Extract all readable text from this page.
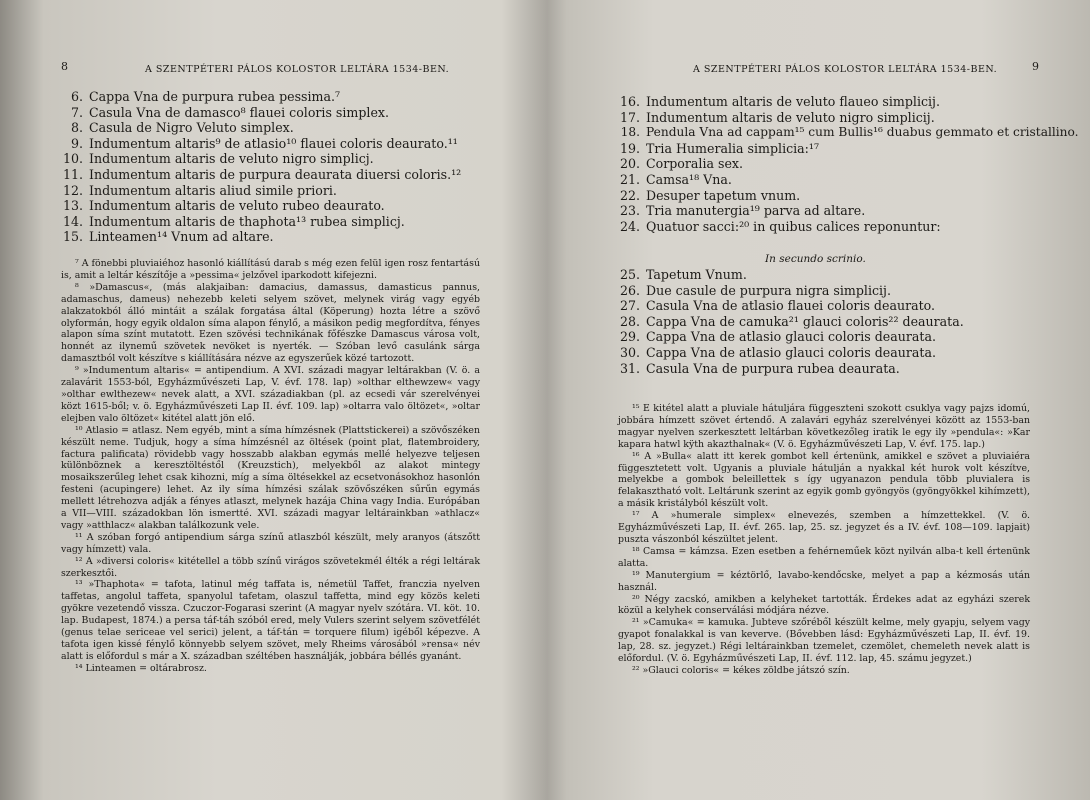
8	A SZENTPÉTERI PÁLOS KOLOSTOR LELTÁRA 1534-BEN.
6. Cappa Vna de purpura rubea pessima.⁷
7. Casula Vna de damasco⁸ flauei coloris simplex.
8. Casula de Nigro Veluto simplex.
9. Indumentum altaris⁹ de atlasio¹⁰ flauei coloris deaurato.¹¹
10. Indumentum altaris de veluto nigro simplicj.
11. Indumentum altaris de purpura deaurata diuersi coloris.¹²
12. Indumentum altaris aliud simile priori.
13. Indumentum altaris de veluto rubeo deaurato.
14. Indumentum altaris de thaphota¹³ rubea simplicj.
15. Linteamen¹⁴ Vnum ad altare.

⁷ A fönebbi pluviaiéhoz hasonló kiállítású darab s még ezen felül igen rosz fentartású is, amit a leltár készítője a »pessima« jelzővel iparkodott kifejezni.

⁸ »Damascus«, (más alakjaiban: damacius, damassus, damasticus pannus, adamaschus, dameus) nehezebb keleti selyem szövet, melynek virág vagy egyéb alakzatokból álló mintáit a szálak forgatása által (Köperung) hozta létre a szövő olyformán, hogy egyik oldalon síma alapon fénylő, a másikon pedig megfordítva, fényes alapon síma színt mutatott. Ezen szövési technikának főfészke Damascus városa volt, honnét az ilynemű szövetek nevöket is nyerték. — Szóban levő casulánk sárga damasztból volt készítve s kiállítására nézve az egyszerűek közé tartozott.

⁹ »Indumentum altaris« = antipendium. A XVI. századi magyar leltárakban (V. ö. a zalavárit 1553-ból, Egyházművészeti Lap, V. évf. 178. lap) »olthar elthewzew« vagy »olthar ewlthezew« nevek alatt, a XVI. századiakban (pl. az ecsedi vár szerelvényei közt 1615-ből; v. ö. Egyházművészeti Lap II. évf. 109. lap) »oltarra valo öltözet«, »oltar elejben valo öltözet« kitétel alatt jön elő.

¹⁰ Atlasio = atlasz. Nem egyéb, mint a síma hímzésnek (Plattstickerei) a szövőszéken készült neme. Tudjuk, hogy a síma hímzésnél az öltések (point plat, flatembroidery, factura palificata) rövidebb vagy hosszabb alakban egymás mellé helyezve teljesen különböznek a keresztöltéstől (Kreuzstich), melyekből az alakot mintegy mosaikszerűleg lehet csak kihozni, míg a síma öltésekkel az ecsetvonásokhoz hasonlón festeni (acupingere) lehet. Az ily síma hímzési szálak szövőszéken sűrűn egymás mellett létrehozva adják a fényes atlaszt, melynek hazája China vagy India. Európában a VII—VIII. századokban lön ismertté. XVI. századi magyar leltárainkban »athlacz« vagy »atthlacz« alakban találkozunk vele.

¹¹ A szóban forgó antipendium sárga színű atlaszból készült, mely aranyos (átszőtt vagy hímzett) vala.

¹² A »diversi coloris« kitétellel a több színű virágos szövetekmél élték a régi leltárak szerkesztői.

¹³ »Thaphota« = tafota, latinul még taffata is, németül Taffet, franczia nyelven taffetas, angolul taffeta, spanyolul tafetam, olaszul taffetta, mind egy közös keleti gyökre vezetendő vissza. Czuczor-Fogarasi szerint (A magyar nyelv szótára. VI. köt. 10. lap. Budapest, 1874.) a persa táf-táh szóból ered, mely Vulers szerint selyem szövetfélét (genus telae sericeae vel serici) jelent, a táf-tán = torquere filum) igéből képezve. A tafota igen kissé fénylő könnyebb selyem szövet, mely Rheims városából »rensa« név alatt is előfordul s már a X. században széltében használják, jobbára béllés gyanánt.

¹⁴ Linteamen = oltárabrosz.

A SZENTPÉTERI PÁLOS KOLOSTOR LELTÁRA 1534-BEN.	9
16. Indumentum altaris de veluto flaueo simplicij.
17. Indumentum altaris de veluto nigro simplicij.
18. Pendula Vna ad cappam¹⁵ cum Bullis¹⁶ duabus gemmato et cristallino.
19. Tria Humeralia simplicia:¹⁷
20. Corporalia sex.
21. Camsa¹⁸ Vna.
22. Desuper tapetum vnum.
23. Tria manutergia¹⁹ parva ad altare.
24. Quatuor sacci:²⁰ in quibus calices reponuntur:
In secundo scrinio.
25. Tapetum Vnum.
26. Due casule de purpura nigra simplicij.
27. Casula Vna de atlasio flauei coloris deaurato.
28. Cappa Vna de camuka²¹ glauci coloris²² deaurata.
29. Cappa Vna de atlasio glauci coloris deaurata.
30. Cappa Vna de atlasio glauci coloris deaurata.
31. Casula Vna de purpura rubea deaurata.

¹⁵ E kitétel alatt a pluviale hátuljára függeszteni szokott csuklya vagy pajzs idomú, jobbára hímzett szövet értendő. A zalavári egyház szerelvényei között az 1553-ban magyar nyelven szerkesztett leltárban következőleg iratik le egy ily »pendula«: »Kar kapara hatwl kÿth akazthalnak« (V. ö. Egyházművészeti Lap, V. évf. 175. lap.)

¹⁶ A »Bulla« alatt itt kerek gombot kell értenünk, amikkel e szövet a pluviaiéra függesztetett volt. Ugyanis a pluviale hátulján a nyakkal két hurok volt készítve, melyekbe a gombok beleillettek s így ugyanazon pendula több pluvialera is felakasztható volt. Leltárunk szerint az egyik gomb gyöngyös (gyöngyökkel kihímzett), a másik kristályból készült volt.

¹⁷ A »humerale simplex« elnevezés, szemben a hímzettekkel. (V. ö. Egyházművészeti Lap, II. évf. 265. lap, 25. sz. jegyzet és a IV. évf. 108—109. lapjait) puszta vászonból készültet jelent.

¹⁸ Camsa = kámzsa. Ezen esetben a fehérneműek közt nyilván alba-t kell értenünk alatta.

¹⁹ Manutergium = kéztörlő, lavabo-kendőcske, melyet a pap a kézmosás után használ.

²⁰ Négy zacskó, amikben a kelyheket tartották. Érdekes adat az egyházi szerek közül a kelyhek conserválási módjára nézve.

²¹ »Camuka« = kamuka. Jubteve szőréből készült kelme, mely gyapju, selyem vagy gyapot fonalakkal is van keverve. (Bővebben lásd: Egyházművészeti Lap, II. évf. 19. lap, 28. sz. jegyzet.) Régi leltárainkban tzemelet, czemölet, chemeleth nevek alatt is előfordul. (V. ö. Egyházművészeti Lap, II. évf. 112. lap, 45. számu jegyzet.)

²² »Glauci coloris« = kékes zöldbe játszó szín.
